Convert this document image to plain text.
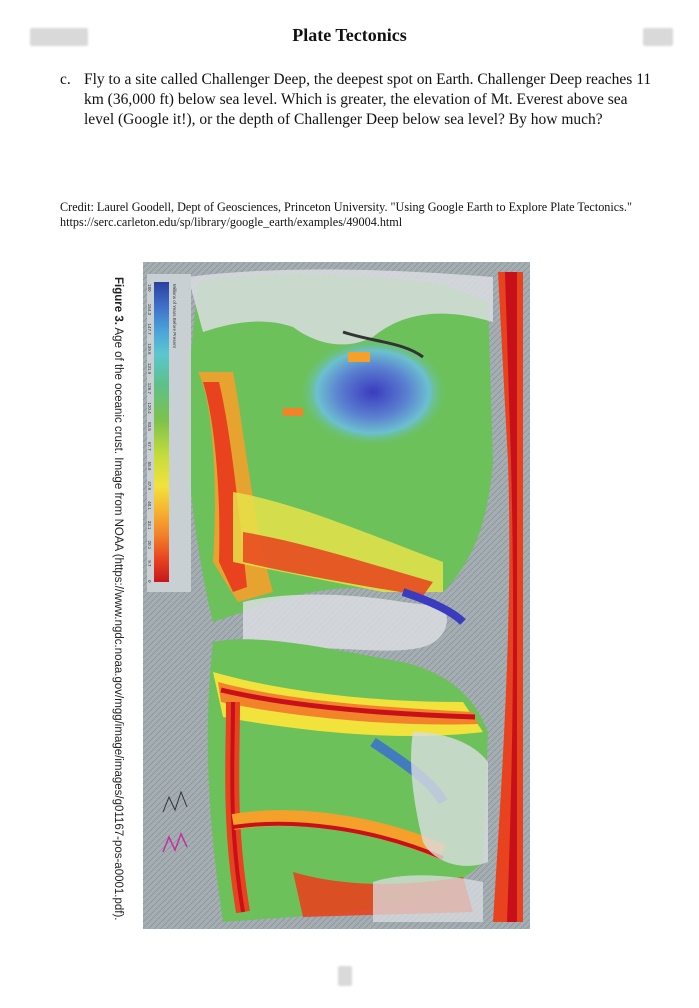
Plate Tectonics
c. Fly to a site called Challenger Deep, the deepest spot on Earth. Challenger Deep reaches 11 km (36,000 ft) below sea level. Which is greater, the elevation of Mt. Everest above sea level (Google it!), or the depth of Challenger Deep below sea level? By how much?
Credit: Laurel Goodell, Dept of Geosciences, Princeton University. "Using Google Earth to Explore Plate Tectonics." https://serc.carleton.edu/sp/library/google_earth/examples/49004.html
Figure 3. Age of the oceanic crust. Image from NOAA (https://www.ngdc.noaa.gov/mgg/image/images/g01167-pos-a0001.pdf).
Millions of Years Before Present
180
154.3
147.7
139.6
131.9
126.7
120.4
83.5
67.7
55.9
47.9
40.1
33.1
20.1
9.7
0
